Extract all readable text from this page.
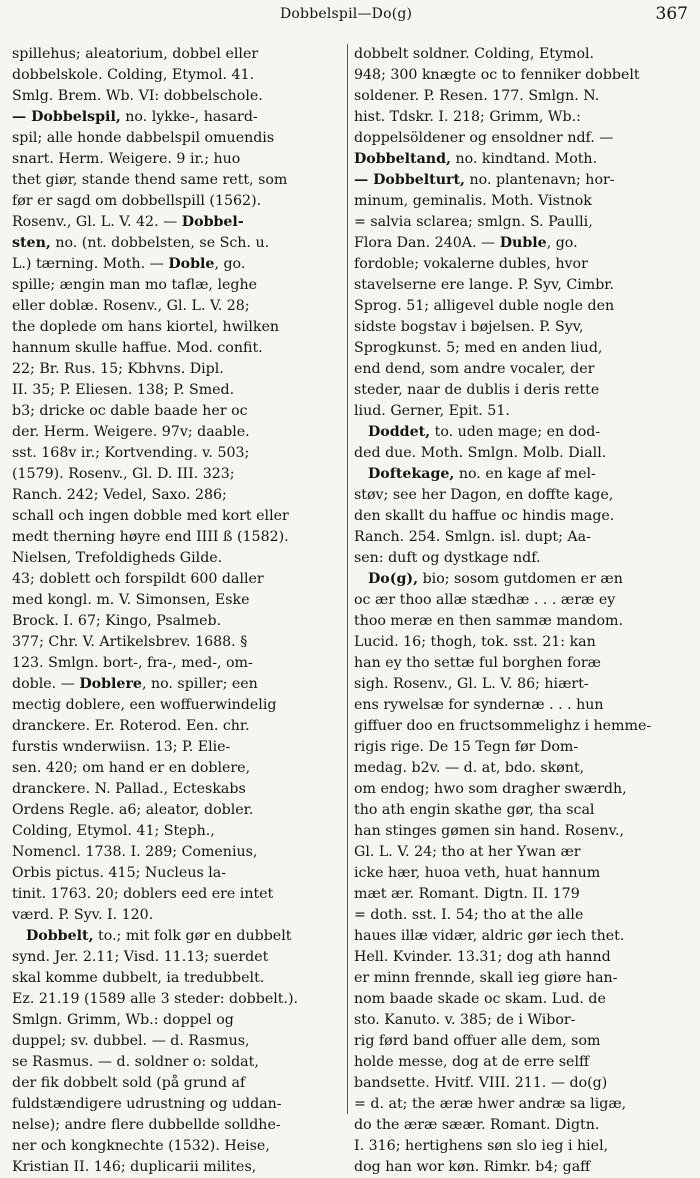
Dobbelspil—Do(g)	367
spillehus; aleatorium, dobbel eller
dobbelskole. Colding, Etymol. 41.
Smlg. Brem. Wb. VI: dobbelschole.
— Dobbelspil, no. lykke-, hasard-
spil; alle honde dabbelspil omuendis
snart. Herm. Weigere. 9 ir.; huo
thet giør, stande thend same rett, som
før er sagd om dobbellspill (1562).
Rosenv., Gl. L. V. 42. — Dobbel-
sten, no. (nt. dobbelsten, se Sch. u.
L.) tærning. Moth. — Doble, go.
spille; ængin man mo taflæ, leghe
eller doblæ. Rosenv., Gl. L. V. 28;
the doplede om hans kiortel, hwilken
hannum skulle haffue. Mod. confit.
22; Br. Rus. 15; Kbhvns. Dipl.
II. 35; P. Eliesen. 138; P. Smed.
b3; dricke oc dable baade her oc
der. Herm. Weigere. 97v; daable.
sst. 168v ir.; Kortvending. v. 503;
(1579). Rosenv., Gl. D. III. 323;
Ranch. 242; Vedel, Saxo. 286;
schall och ingen dobble med kort eller
medt therning høyre end IIII ß (1582).
Nielsen, Trefoldigheds Gilde.
43; doblett och forspildt 600 daller
med kongl. m. V. Simonsen, Eske
Brock. I. 67; Kingo, Psalmeb.
377; Chr. V. Artikelsbrev. 1688. §
123. Smlgn. bort-, fra-, med-, om-
doble. — Doblere, no. spiller; een
mectig doblere, een woffuerwindelig
dranckere. Er. Roterod. Een. chr.
furstis wnderwiisn. 13; P. Elie-
sen. 420; om hand er en doblere,
dranckere. N. Pallad., Ecteskabs
Ordens Regle. a6; aleator, dobler.
Colding, Etymol. 41; Steph.,
Nomencl. 1738. I. 289; Comenius,
Orbis pictus. 415; Nucleus la-
tinit. 1763. 20; doblers eed ere intet
værd. P. Syv. I. 120.
Dobbelt, to.; mit folk gør en dubbelt
synd. Jer. 2.11; Visd. 11.13; suerdet
skal komme dubbelt, ia tredubbelt.
Ez. 21.19 (1589 alle 3 steder: dobbelt.).
Smlgn. Grimm, Wb.: doppel og
duppel; sv. dubbel. — d. Rasmus,
se Rasmus. — d. soldner o: soldat,
der fik dobbelt sold (på grund af
fuldstændigere udrustning og uddan-
nelse); andre flere dubbellde solldhe-
ner och kongknechte (1532). Heise,
Kristian II. 146; duplicarii milites,
dobbelt soldner. Colding, Etymol.
948; 300 knægte oc to fenniker dobbelt
soldener. P. Resen. 177. Smlgn. N.
hist. Tdskr. I. 218; Grimm, Wb.:
doppelsöldener og ensoldner ndf. —
Dobbeltand, no. kindtand. Moth.
— Dobbelturt, no. plantenavn; hor-
minum, geminalis. Moth. Vistnok
= salvia sclarea; smlgn. S. Paulli,
Flora Dan. 240A. — Duble, go.
fordoble; vokalerne dubles, hvor
stavelserne ere lange. P. Syv, Cimbr.
Sprog. 51; alligevel duble nogle den
sidste bogstav i bøjelsen. P. Syv,
Sprogkunst. 5; med en anden liud,
end dend, som andre vocaler, der
steder, naar de dublis i deris rette
liud. Gerner, Epit. 51.
Doddet, to. uden mage; en dod-
ded due. Moth. Smlgn. Molb. Diall.
Doftekage, no. en kage af mel-
støv; see her Dagon, en doffte kage,
den skallt du haffue oc hindis mage.
Ranch. 254. Smlgn. isl. dupt; Aa-
sen: duft og dystkage ndf.
Do(g), bio; sosom gutdomen er æn
oc ær thoo allæ stædhæ . . . æræ ey
thoo meræ en then sammæ mandom.
Lucid. 16; thogh, tok. sst. 21: kan
han ey tho settæ ful borghen foræ
sigh. Rosenv., Gl. L. V. 86; hiært-
ens rywelsæ for syndernæ . . . hun
giffuer doo en fructsommelighz i hemme-
rigis rige. De 15 Tegn før Dom-
medag. b2v. — d. at, bdo. skønt,
om endog; hwo som dragher swærdh,
tho ath engin skathe gør, tha scal
han stinges gømen sin hand. Rosenv.,
Gl. L. V. 24; tho at her Ywan ær
icke hær, huoa veth, huat hannum
mæt ær. Romant. Digtn. II. 179
= doth. sst. I. 54; tho at the alle
haues illæ vidær, aldric gør iech thet.
Hell. Kvinder. 13.31; dog ath hannd
er minn frennde, skall ieg giøre han-
nom baade skade oc skam. Lud. de
sto. Kanuto. v. 385; de i Wibor-
rig førd band offuer alle dem, som
holde messe, dog at de erre selff
bandsette. Hvitf. VIII. 211. — do(g)
= d. at; the æræ hwer andræ sa ligæ,
do the æræ sæær. Romant. Digtn.
I. 316; hertighens søn slo ieg i hiel,
dog han wor køn. Rimkr. b4; gaff
